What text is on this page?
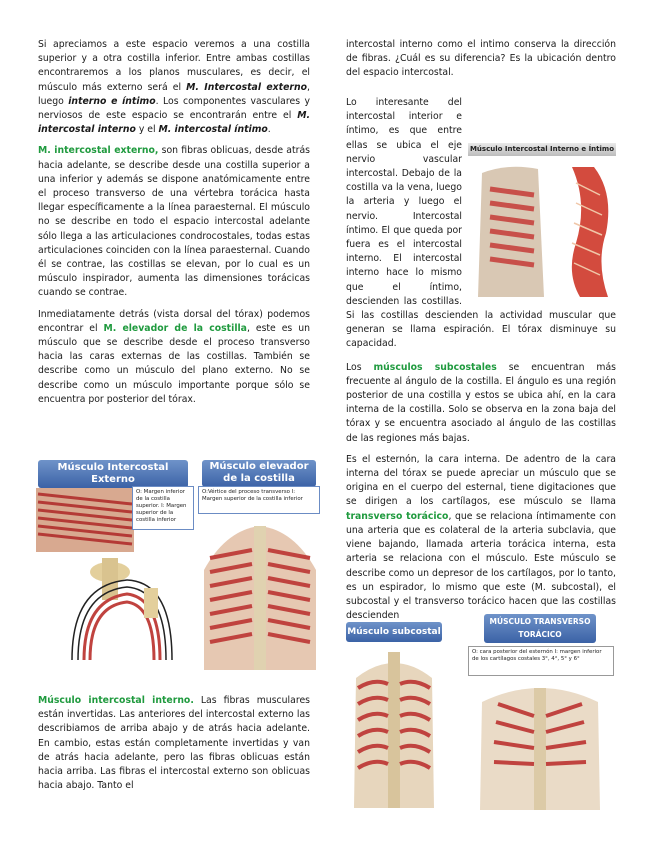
Si apreciamos a este espacio veremos a una costilla superior y a otra costilla inferior. Entre ambas costillas encontraremos a los planos musculares, es decir, el músculo más externo será el M. Intercostal externo, luego interno e íntimo. Los componentes vasculares y nerviosos de este espacio se encontrarán entre el M. intercostal interno y el M. intercostal íntimo.

M. intercostal externo, son fibras oblicuas, desde atrás hacia adelante, se describe desde una costilla superior a una inferior y además se dispone anatómicamente entre el proceso transverso de una vértebra torácica hasta llegar específicamente a la línea paraesternal. El músculo no se describe en todo el espacio intercostal adelante sólo llega a las articulaciones condrocostales, todas estas articulaciones coinciden con la línea paraesternal. Cuando él se contrae, las costillas se elevan, por lo cual es un músculo inspirador, aumenta las dimensiones torácicas cuando se contrae.

Inmediatamente detrás (vista dorsal del tórax) podemos encontrar el M. elevador de la costilla, este es un músculo que se describe desde el proceso transverso hacia las caras externas de las costillas. También se describe como un músculo del plano externo. No se describe como un músculo importante porque sólo se encuentra por posterior del tórax.

Músculo Intercostal Externo
O: Margen inferior de la costilla superior. I: Margen superior de la costilla inferior
Músculo elevador de la costilla
O:Vértice del proceso transverso I: Margen superior de la costilla inferior

Músculo intercostal interno. Las fibras musculares están invertidas. Las anteriores del intercostal externo las describiamos de arriba abajo y de atrás hacia adelante. En cambio, estas están completamente invertidas y van de atrás hacia adelante, pero las fibras oblicuas están hacia arriba. Las fibras el intercostal externo son oblicuas hacia abajo. Tanto el

intercostal interno como el intimo conserva la dirección de fibras. ¿Cuál es su diferencia? Es la ubicación dentro del espacio intercostal.

Músculo Intercostal Interno e Íntimo

Lo interesante del intercostal interior e íntimo, es que entre ellas se ubica el eje nervio vascular intercostal. Debajo de la costilla va la vena, luego la arteria y luego el nervio. Intercostal íntimo. El que queda por fuera es el intercostal interno. El intercostal interno hace lo mismo que el íntimo, descienden las costillas. Si las costillas descienden la actividad muscular que generan se llama espiración. El tórax disminuye su capacidad.

Los músculos subcostales se encuentran más frecuente al ángulo de la costilla. El ángulo es una región posterior de una costilla y estos se ubica ahí, en la cara interna de la costilla. Solo se observa en la zona baja del tórax y se encuentra asociado al ángulo de las costillas de las regiones más bajas.

Es el esternón, la cara interna. De adentro de la cara interna del tórax se puede apreciar un músculo que se origina en el cuerpo del esternal, tiene digitaciones que se dirigen a los cartílagos, ese músculo se llama transverso torácico, que se relaciona íntimamente con una arteria que es colateral de la arteria subclavia, que viene bajando, llamada arteria torácica interna, esta arteria se relaciona con el músculo. Este músculo se describe como un depresor de los cartílagos, por lo tanto, es un espirador, lo mismo que este (M. subcostal), el subcostal y el transverso torácico hacen que las costillas descienden

Músculo subcostal
MÚSCULO TRANSVERSO TORÁCICO
O: cara posterior del esternón I: margen inferior de los cartílagos costales 3°, 4°, 5° y 6°
